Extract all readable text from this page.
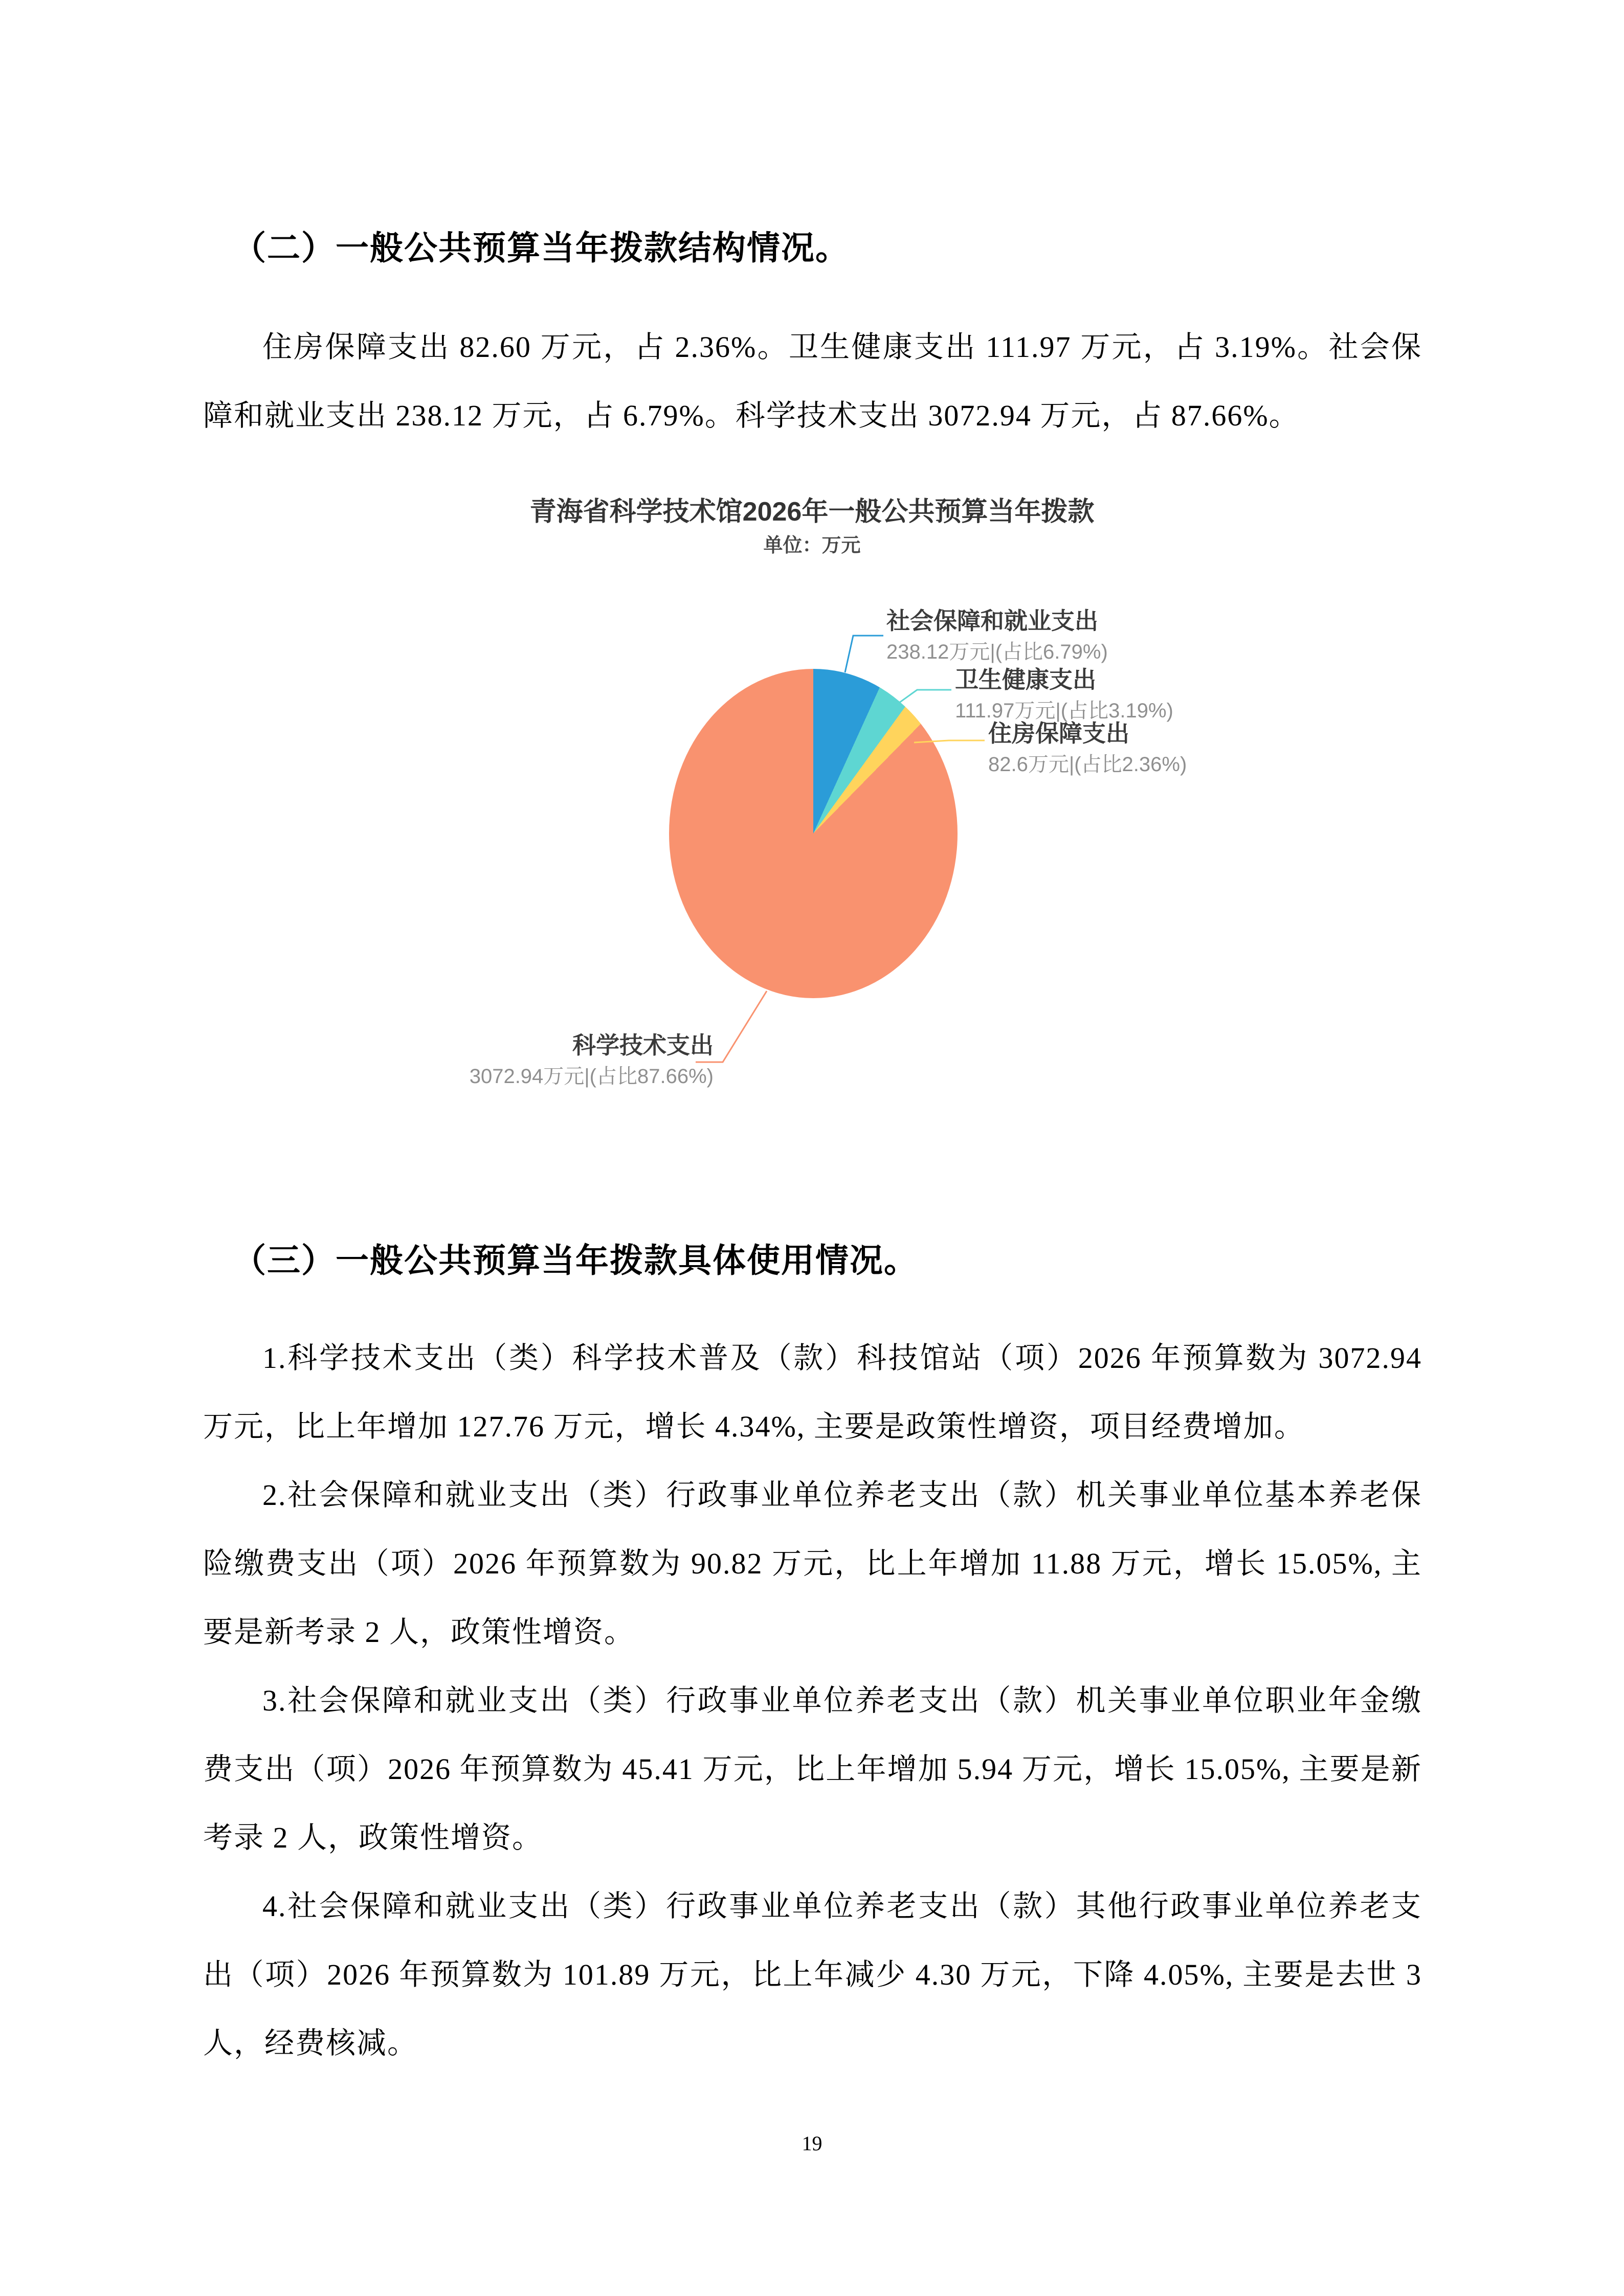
（二）一般公共预算当年拨款结构情况。

住房保障支出 82.60 万元，占 2.36%。卫生健康支出 111.97 万元，占 3.19%。社会保障和就业支出 238.12 万元，占 6.79%。科学技术支出 3072.94 万元，占 87.66%。

青海省科学技术馆2026年一般公共预算当年拨款
单位：万元
社会保障和就业支出
238.12万元|(占比6.79%)
卫生健康支出
111.97万元|(占比3.19%)
住房保障支出
82.6万元|(占比2.36%)
科学技术支出
3072.94万元|(占比87.66%)
（三）一般公共预算当年拨款具体使用情况。

1.科学技术支出（类）科学技术普及（款）科技馆站（项）2026 年预算数为 3072.94 万元，比上年增加 127.76 万元，增长 4.34%, 主要是政策性增资，项目经费增加。

2.社会保障和就业支出（类）行政事业单位养老支出（款）机关事业单位基本养老保险缴费支出（项）2026 年预算数为 90.82 万元，比上年增加 11.88 万元，增长 15.05%, 主要是新考录 2 人，政策性增资。

3.社会保障和就业支出（类）行政事业单位养老支出（款）机关事业单位职业年金缴费支出（项）2026 年预算数为 45.41 万元，比上年增加 5.94 万元，增长 15.05%, 主要是新考录 2 人，政策性增资。

4.社会保障和就业支出（类）行政事业单位养老支出（款）其他行政事业单位养老支出（项）2026 年预算数为 101.89 万元，比上年减少 4.30 万元，下降 4.05%, 主要是去世 3 人，经费核减。

19
